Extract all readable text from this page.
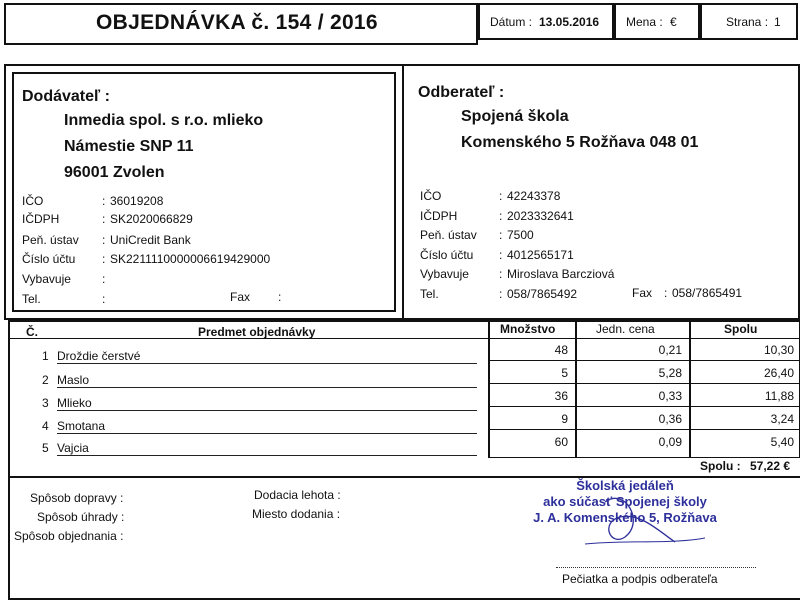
OBJEDNÁVKA č. 154 / 2016	Dátum : 13.05.2016 Mena : €	Strana : 1
Dodávateľ :
Inmedia spol. s r.o. mlieko
Námestie SNP 11
96001 Zvolen
IČO	: 36019208
IČDPH	: SK2020066829
Peň. ústav : UniCredit Bank
Číslo účtu : SK2211110000006619429000
Vybavuje	:
Tel.	:	Fax :
Odberateľ :
Spojená škola
Komenského 5 Rožňava 048 01
IČO	: 42243378
IČDPH	: 2023332641
Peň. ústav : 7500
Číslo účtu : 4012565171
Vybavuje	: Miroslava Barcziová
Tel.	: 058/7865492	Fax : 058/7865491
Č.	Predmet objednávky	Množstvo	Jedn. cena	Spolu
1 Droždie čerstvé	48	0,21	10,30
2 Maslo	5	5,28	26,40
3 Mlieko	36	0,33	11,88
4 Smotana	9	0,36	3,24
5 Vajcia	60	0,09	5,40
Spolu : 57,22 €
Spôsob dopravy :
Spôsob úhrady :
Spôsob objednania :
Dodacia lehota :
Miesto dodania :
Školská jedáleň
ako súčasť Spojenej školy
J. A. Komenského 5, Rožňava
Pečiatka a podpis odberateľa
